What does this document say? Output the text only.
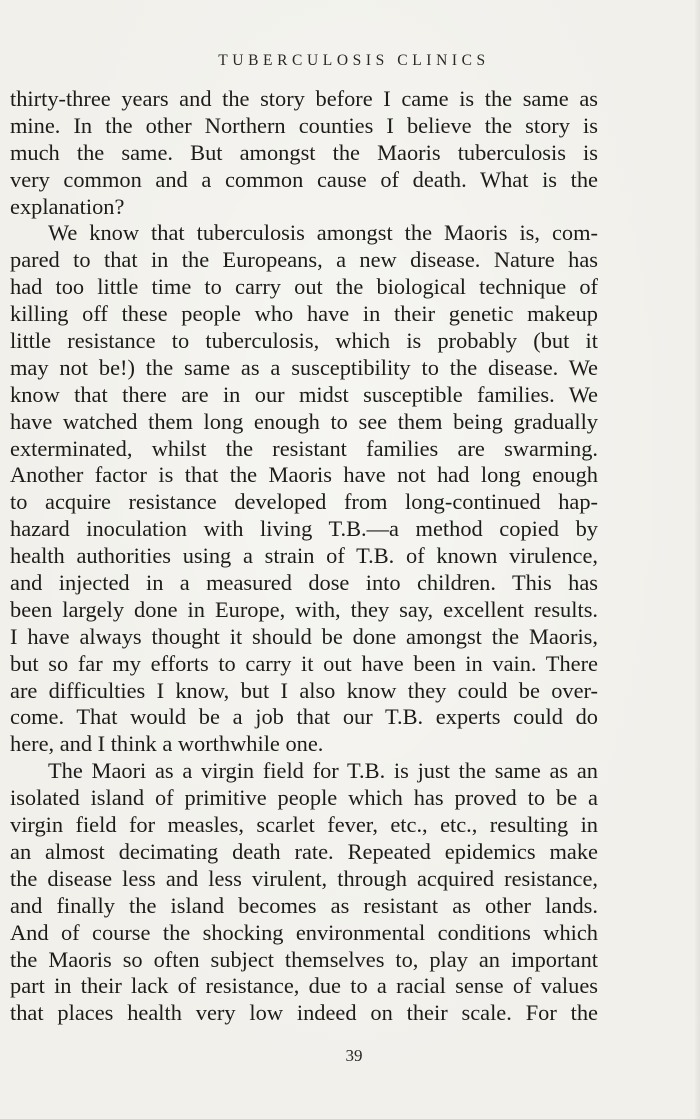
TUBERCULOSIS CLINICS
thirty-three years and the story before I came is the same as
mine. In the other Northern counties I believe the story is
much the same. But amongst the Maoris tuberculosis is
very common and a common cause of death. What is the
explanation?
We know that tuberculosis amongst the Maoris is, com-
pared to that in the Europeans, a new disease. Nature has
had too little time to carry out the biological technique of
killing off these people who have in their genetic makeup
little resistance to tuberculosis, which is probably (but it
may not be!) the same as a susceptibility to the disease. We
know that there are in our midst susceptible families. We
have watched them long enough to see them being gradually
exterminated, whilst the resistant families are swarming.
Another factor is that the Maoris have not had long enough
to acquire resistance developed from long-continued hap-
hazard inoculation with living T.B.—a method copied by
health authorities using a strain of T.B. of known virulence,
and injected in a measured dose into children. This has
been largely done in Europe, with, they say, excellent results.
I have always thought it should be done amongst the Maoris,
but so far my efforts to carry it out have been in vain. There
are difficulties I know, but I also know they could be over-
come. That would be a job that our T.B. experts could do
here, and I think a worthwhile one.
The Maori as a virgin field for T.B. is just the same as an
isolated island of primitive people which has proved to be a
virgin field for measles, scarlet fever, etc., etc., resulting in
an almost decimating death rate. Repeated epidemics make
the disease less and less virulent, through acquired resistance,
and finally the island becomes as resistant as other lands.
And of course the shocking environmental conditions which
the Maoris so often subject themselves to, play an important
part in their lack of resistance, due to a racial sense of values
that places health very low indeed on their scale. For the
39
